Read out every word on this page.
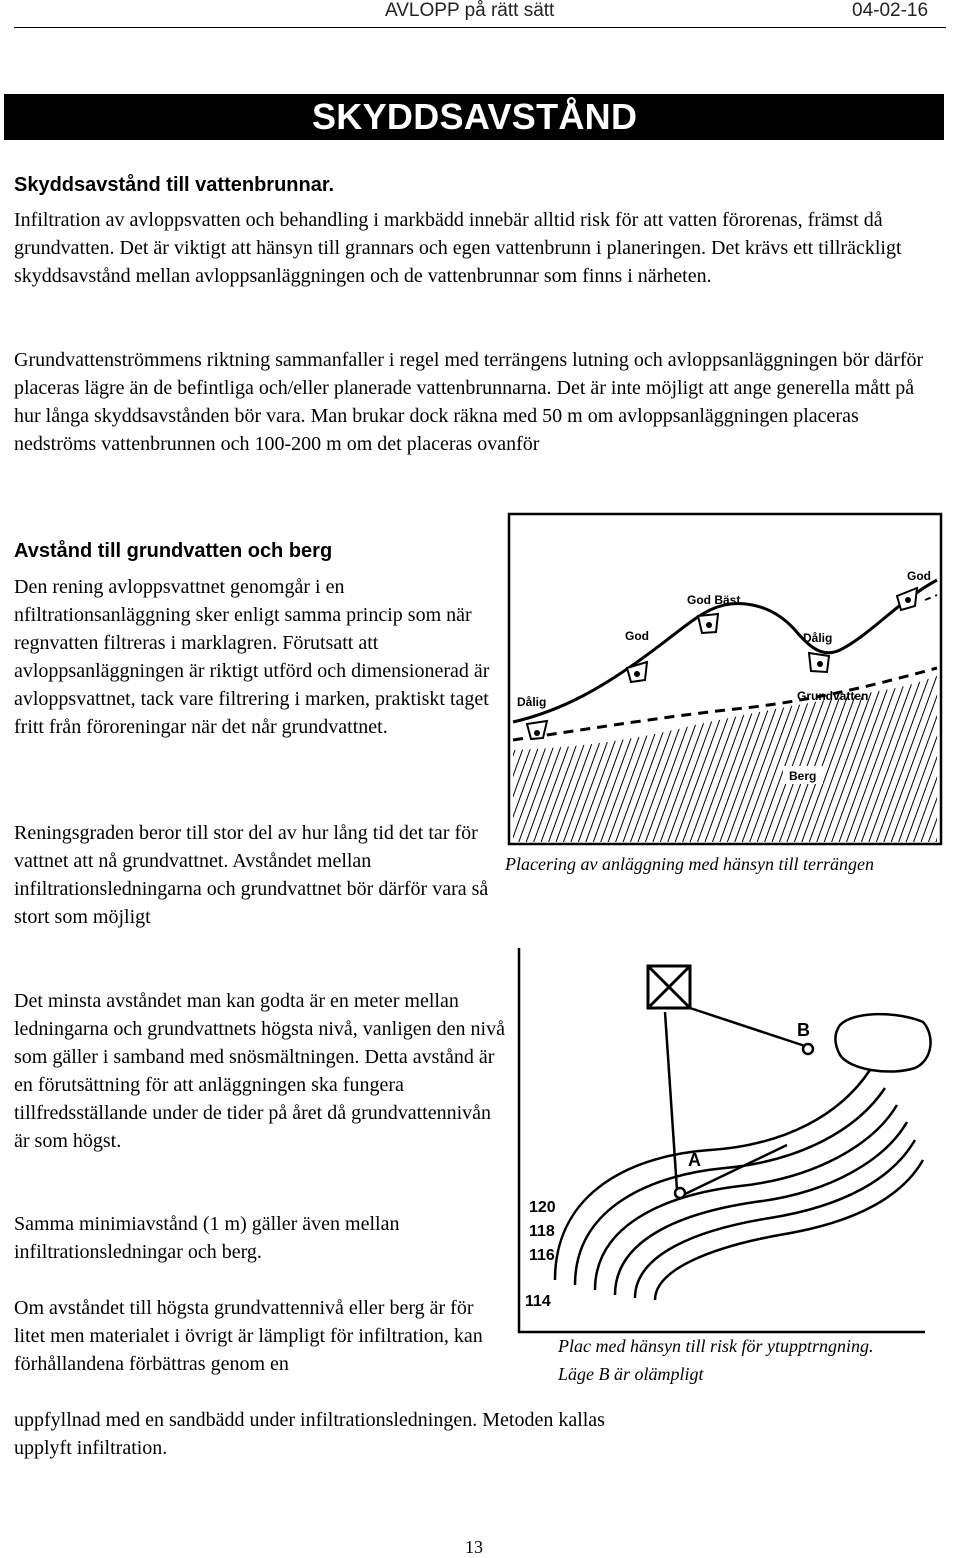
AVLOPP på rätt sätt	04-02-16
SKYDDSAVSTÅND
Skyddsavstånd till vattenbrunnar.

Infiltration av avloppsvatten och behandling i markbädd innebär alltid risk för att vatten förorenas, främst då grundvatten. Det är viktigt att hänsyn till grannars och egen vattenbrunn i planeringen. Det krävs ett tillräckligt skyddsavstånd mellan avloppsanläggningen och de vattenbrunnar som finns i närheten.

Grundvattenströmmens riktning sammanfaller i regel med terrängens lutning och avloppsanläggningen bör därför placeras lägre än de befintliga och/eller planerade vattenbrunnarna. Det är inte möjligt att ange generella mått på hur långa skyddsavstånden bör vara. Man brukar dock räkna med 50 m om avloppsanläggningen placeras nedströms vattenbrunnen och 100-200 m om det placeras ovanför

Avstånd till grundvatten och berg

Den rening avloppsvattnet genomgår i en nfiltrationsanläggning sker enligt samma princip som när regnvatten filtreras i marklagren. Förutsatt att avloppsanläggningen är riktigt utförd och dimensionerad är avloppsvattnet, tack vare filtrering i marken, praktiskt taget fritt från föroreningar när det når grundvattnet.

Reningsgraden beror till stor del av hur lång tid det tar för vattnet att nå grundvattnet. Avståndet mellan infiltrationsledningarna och grundvattnet bör därför vara så stort som möjligt

Det minsta avståndet man kan godta är en meter mellan ledningarna och grundvattnets högsta nivå, vanligen den nivå som gäller i samband med snösmältningen. Detta avstånd är en förutsättning för att anläggningen ska fungera tillfredsställande under de tider på året då grundvattennivån är som högst.

Samma minimiavstånd (1 m) gäller även mellan infiltrationsledningar och berg.

Om avståndet till högsta grundvattennivå eller berg är för litet men materialet i övrigt är lämpligt för infiltration, kan förhållandena förbättras genom en

uppfyllnad med en sandbädd under infiltrationsledningen. Metoden kallas upplyft infiltration.

God
God Bäst
God
Dålig
Dålig
Grundvatten
Berg
Placering av anläggning med hänsyn till terrängen
A
B
120
118
116
114
Plac med hänsyn till risk för ytupptrngning.
Läge B är olämpligt
13
